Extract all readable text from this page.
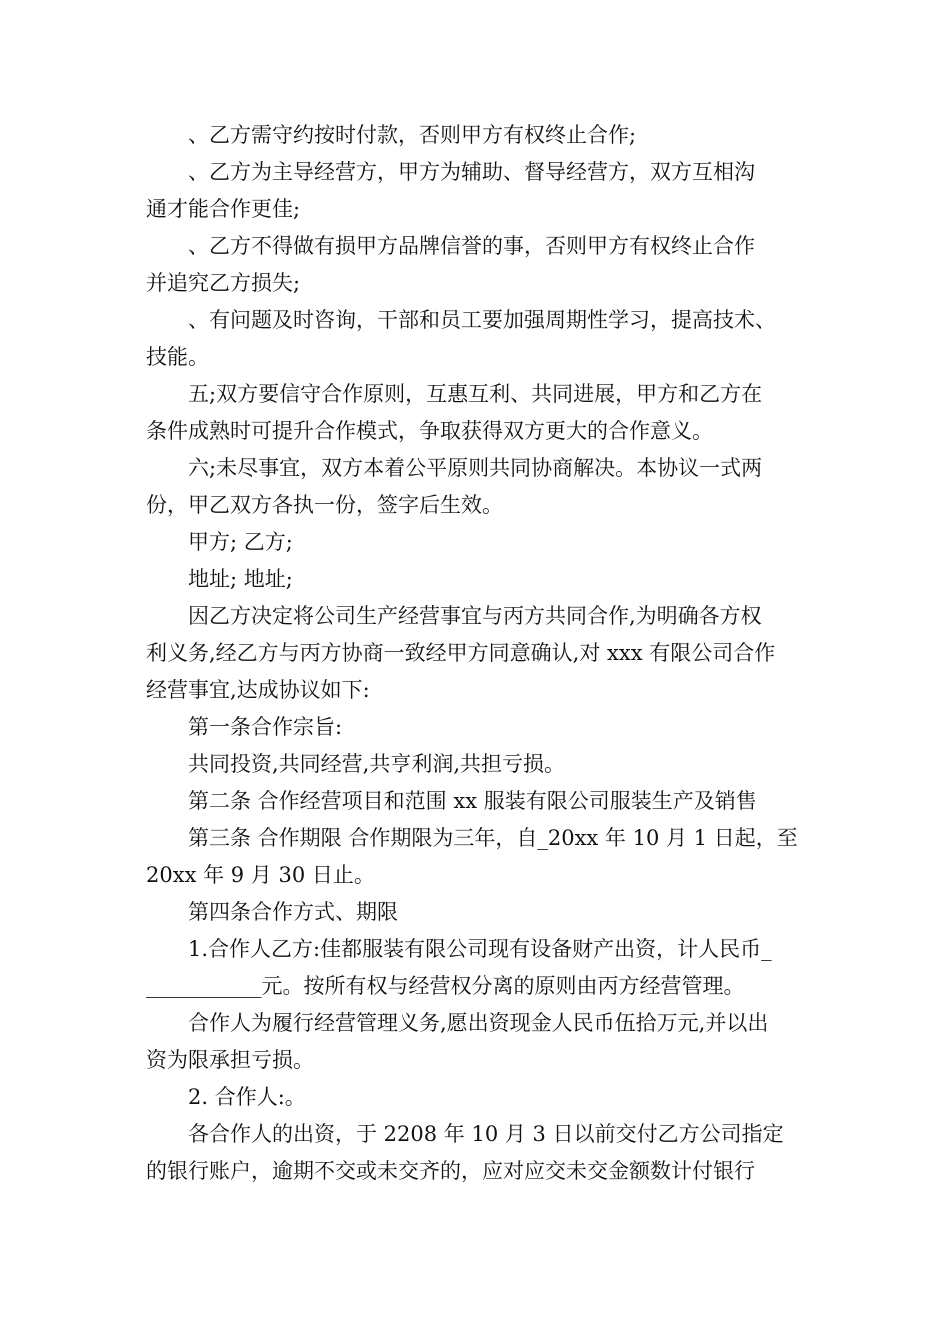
、乙方需守约按时付款，否则甲方有权终止合作;

、乙方为主导经营方，甲方为辅助、督导经营方，双方互相沟
通才能合作更佳;

、乙方不得做有损甲方品牌信誉的事，否则甲方有权终止合作
并追究乙方损失;

、有问题及时咨询，干部和员工要加强周期性学习，提高技术、
技能。

五;双方要信守合作原则，互惠互利、共同进展，甲方和乙方在
条件成熟时可提升合作模式，争取获得双方更大的合作意义。

六;未尽事宜，双方本着公平原则共同协商解决。本协议一式两
份，甲乙双方各执一份，签字后生效。

甲方; 乙方;

地址; 地址;

因乙方决定将公司生产经营事宜与丙方共同合作,为明确各方权
利义务,经乙方与丙方协商一致经甲方同意确认,对 xxx 有限公司合作
经营事宜,达成协议如下:

第一条合作宗旨:

共同投资,共同经营,共亨利润,共担亏损。

第二条 合作经营项目和范围 xx 服装有限公司服装生产及销售

第三条 合作期限 合作期限为三年，自_20xx 年 10 月 1 日起，至
20xx 年 9 月 30 日止。

第四条合作方式、期限

1.合作人乙方:佳都服装有限公司现有设备财产出资，计人民币_
___________元。按所有权与经营权分离的原则由丙方经营管理。

合作人为履行经营管理义务,愿出资现金人民币伍拾万元,并以出
资为限承担亏损。

2. 合作人:。

各合作人的出资，于 2208 年 10 月 3 日以前交付乙方公司指定
的银行账户，逾期不交或未交齐的，应对应交未交金额数计付银行
